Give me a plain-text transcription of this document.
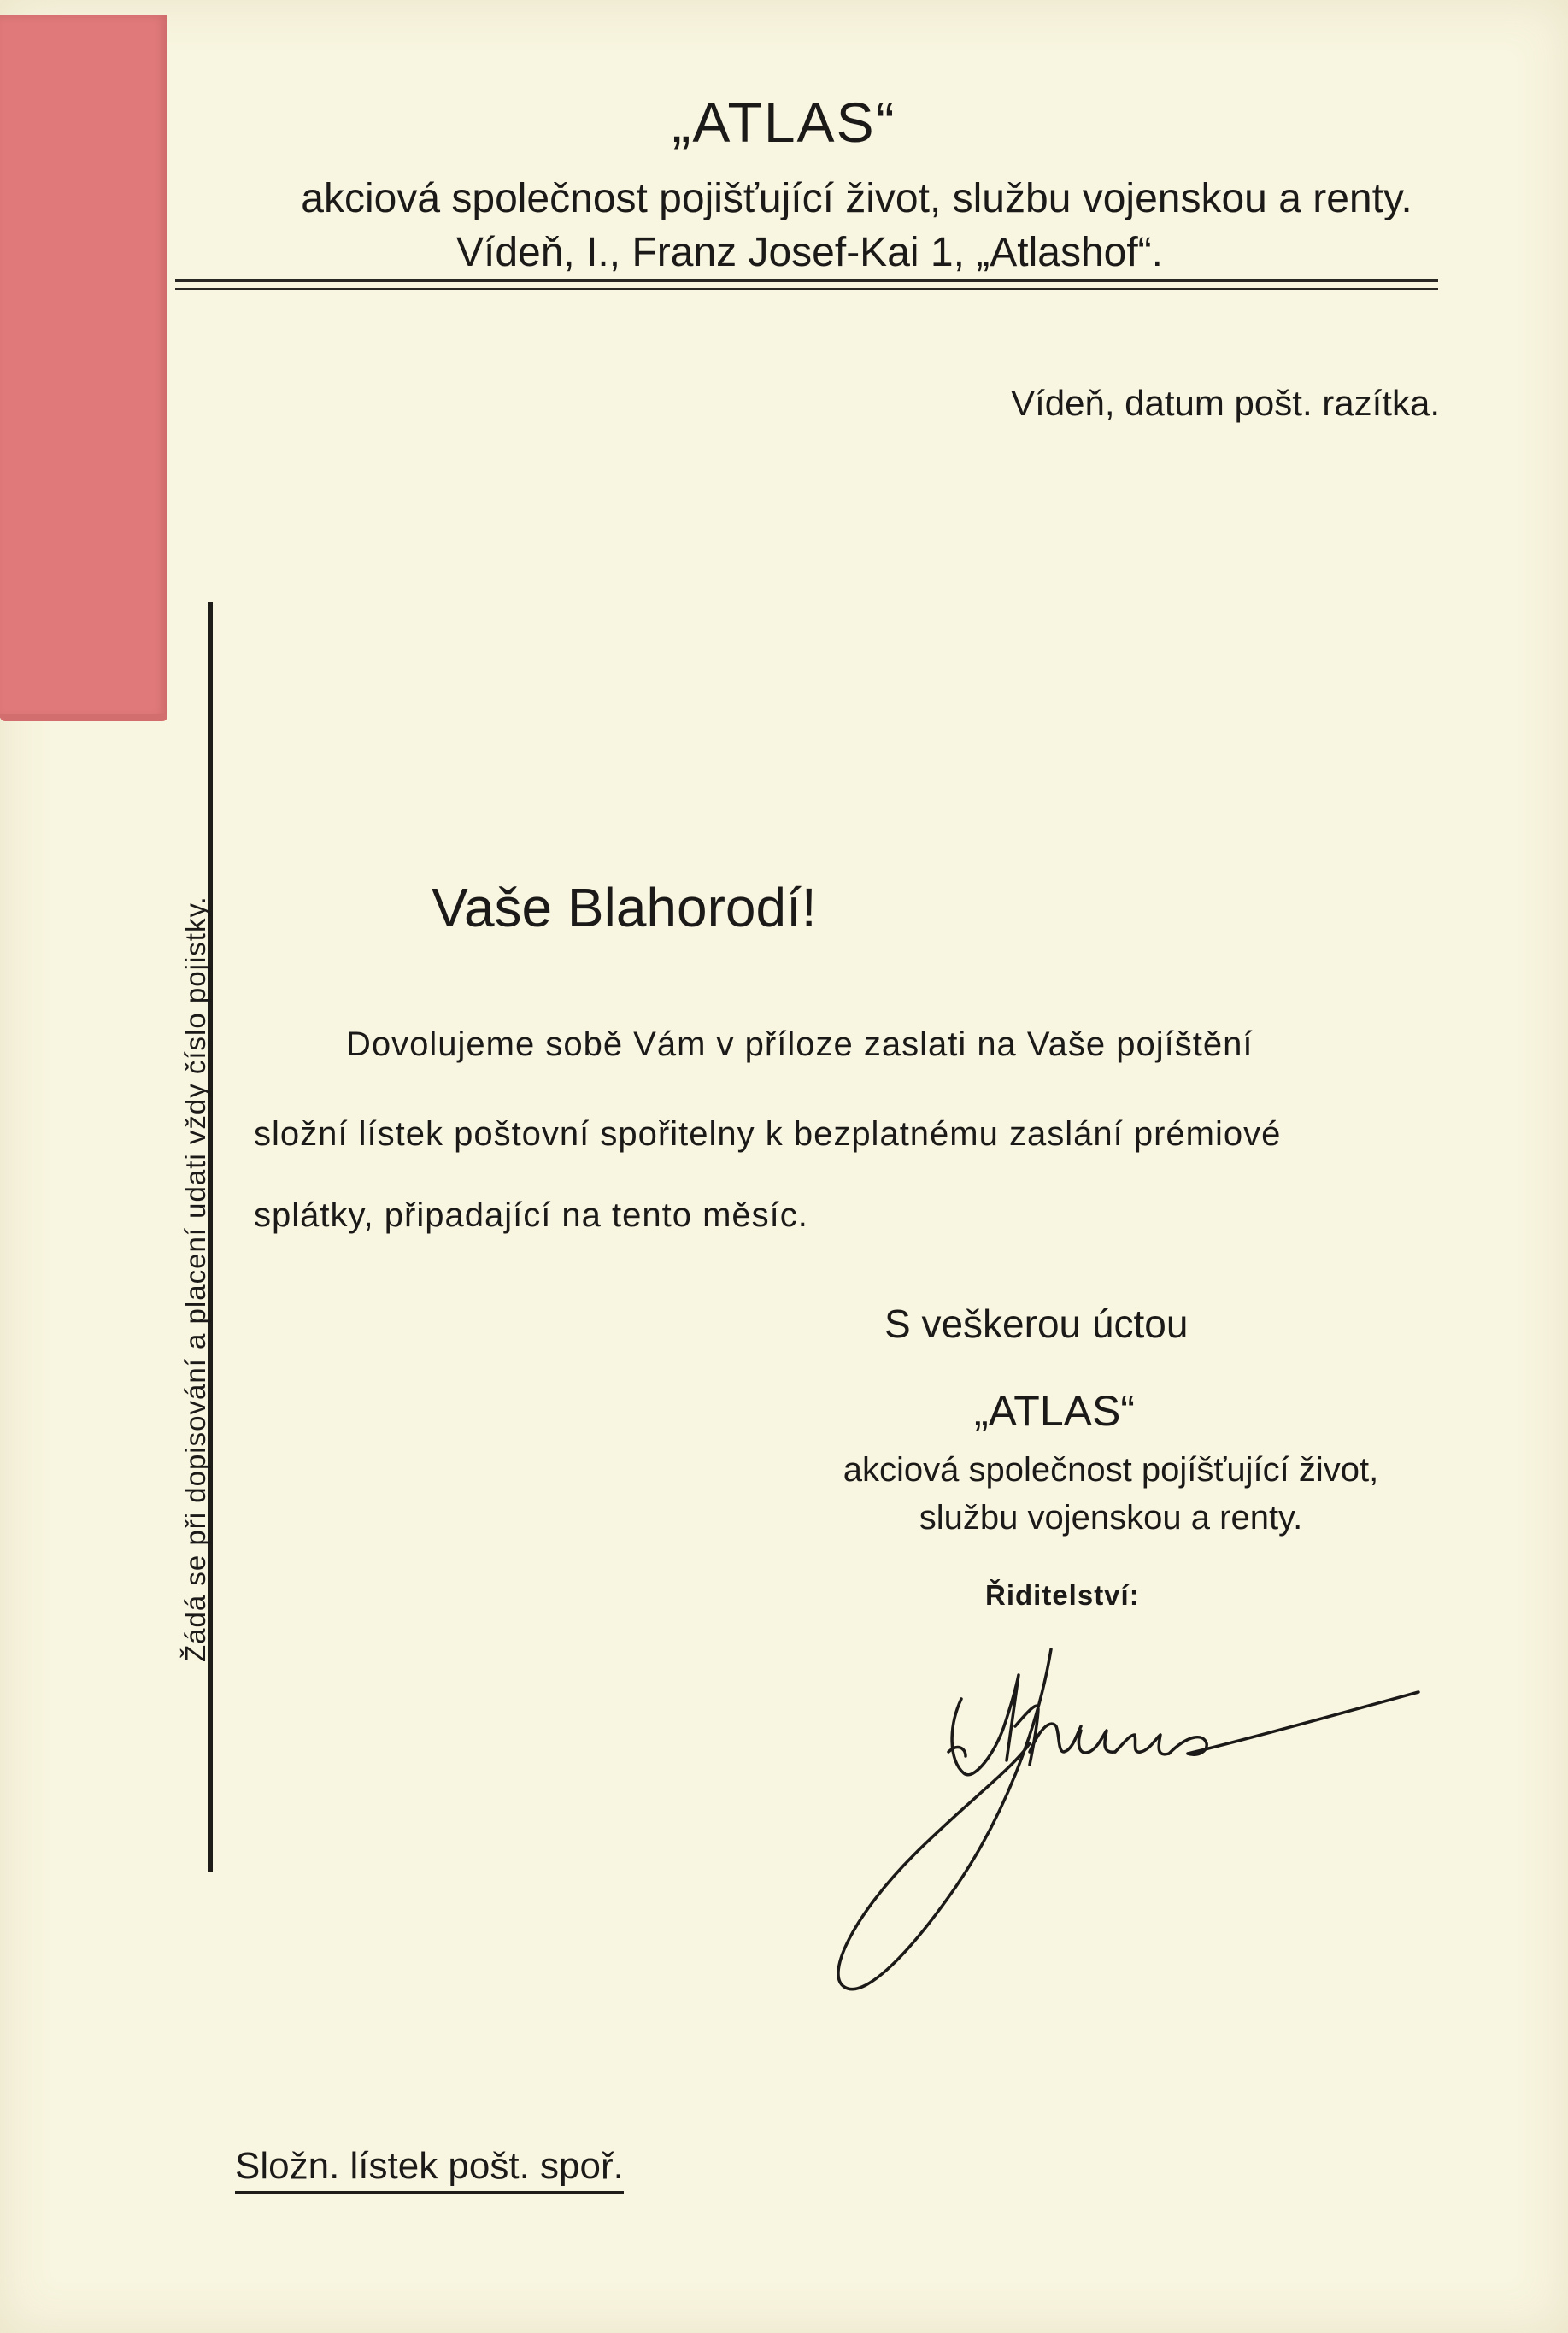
„ATLAS“
akciová společnost pojišťující život, službu vojenskou a renty.
Vídeň, I., Franz Josef-Kai 1, „Atlashof“.
Vídeň, datum pošt. razítka.
Žádá se při dopisování a placení udati vždy číslo pojistky.	Vaše Blahorodí!
Dovolujeme sobě Vám v příloze zaslati na Vaše pojíštění
složní lístek poštovní spořitelny k bezplatnému zaslání prémiové
splátky, připadající na tento měsíc.
S veškerou úctou
„ATLAS“
akciová společnost pojíšťující život,
službu vojenskou a renty.
Řiditelství:
Složn. lístek pošt. spoř.
